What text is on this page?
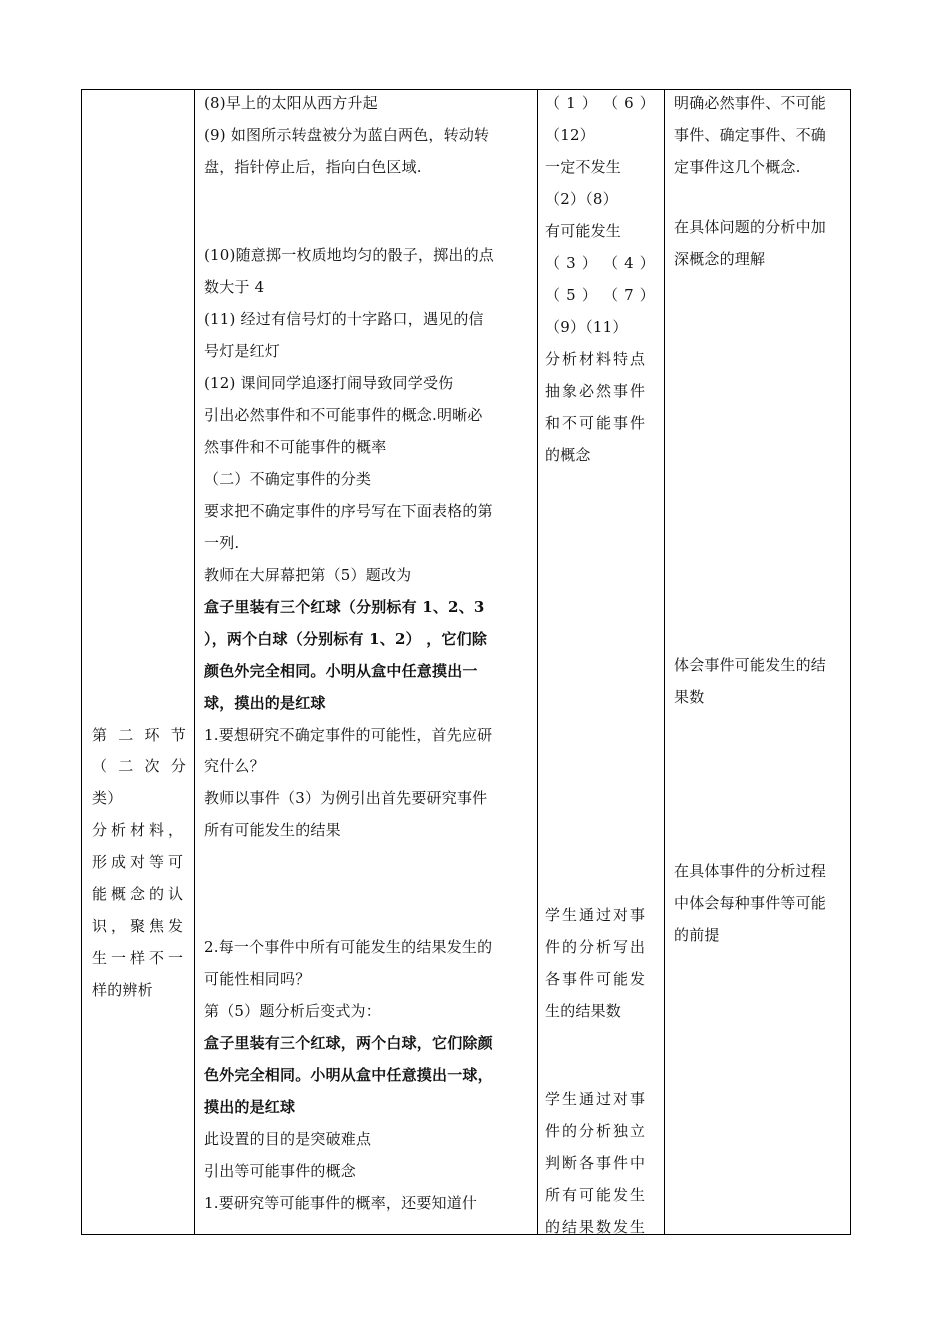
第 二 环 节
（ 二 次 分
类）
分析材料，
形成对等可
能概念的认
识，聚焦发
生一样不一
样的辨析
(8)早上的太阳从西方升起
(9) 如图所示转盘被分为蓝白两色，转动转
盘，指针停止后，指向白色区域.
(10)随意掷一枚质地均匀的骰子，掷出的点
数大于 4
(11) 经过有信号灯的十字路口，遇见的信
号灯是红灯
(12) 课间同学追逐打闹导致同学受伤
引出必然事件和不可能事件的概念.明晰必
然事件和不可能事件的概率
（二）不确定事件的分类
要求把不确定事件的序号写在下面表格的第
一列.
教师在大屏幕把第（5）题改为
盒子里装有三个红球（分别标有 1、2、3
），两个白球（分别标有 1、2） ，它们除
颜色外完全相同。小明从盒中任意摸出一
球，摸出的是红球
1.要想研究不确定事件的可能性，首先应研
究什么？
教师以事件（3）为例引出首先要研究事件
所有可能发生的结果
2.每一个事件中所有可能发生的结果发生的
可能性相同吗？
第（5）题分析后变式为：
盒子里装有三个红球，两个白球，它们除颜
色外完全相同。小明从盒中任意摸出一球，
摸出的是红球
此设置的目的是突破难点
引出等可能事件的概念
1.要研究等可能事件的概率，还要知道什
（ 1 ） （ 6 ）
（12）
一定不发生
（2）（8）
有可能发生
（ 3 ） （ 4 ）
（ 5 ） （ 7 ）
（9）（11）
分析材料特点
抽象必然事件
和不可能事件
的概念
学生通过对事
件的分析写出
各事件可能发
生的结果数
学生通过对事
件的分析独立
判断各事件中
所有可能发生
的结果数发生
明确必然事件、不可能
事件、确定事件、不确
定事件这几个概念.
在具体问题的分析中加
深概念的理解
体会事件可能发生的结
果数
在具体事件的分析过程
中体会每种事件等可能
的前提
